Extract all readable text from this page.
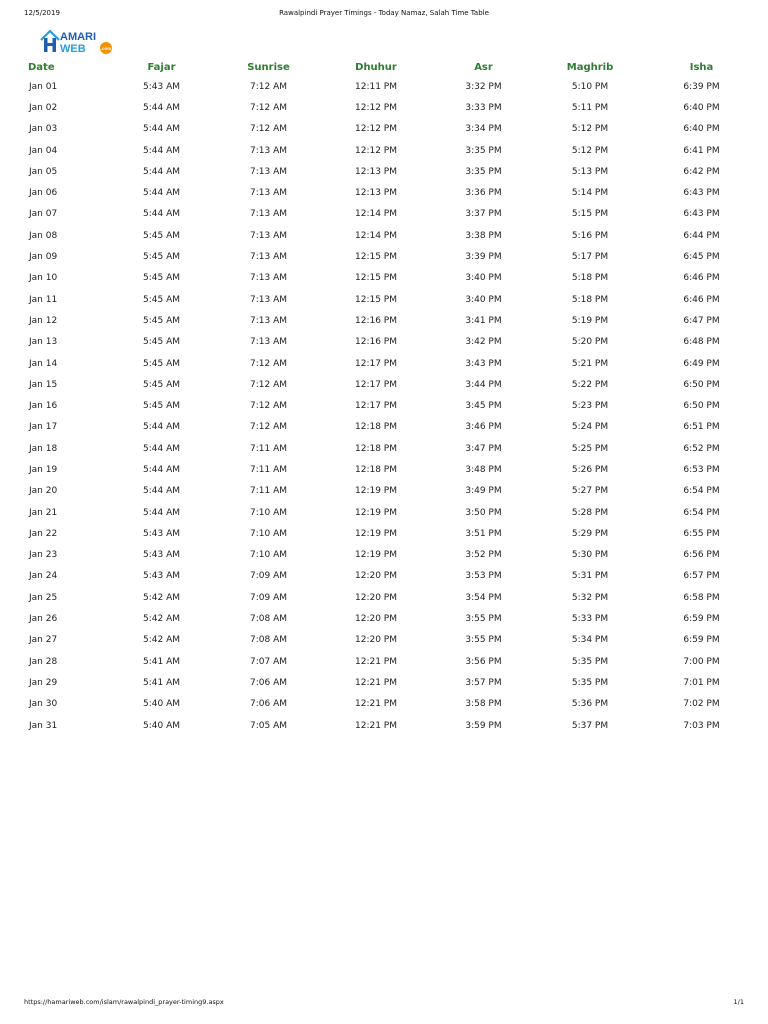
12/5/2019	Rawalpindi Prayer Timings - Today Namaz, Salah Time Table
AMARI
WEB	.com
Date	Fajar	Sunrise	Dhuhur	Asr	Maghrib	Isha
Jan 01	5:43 AM	7:12 AM	12:11 PM	3:32 PM	5:10 PM	6:39 PM
Jan 02	5:44 AM	7:12 AM	12:12 PM	3:33 PM	5:11 PM	6:40 PM
Jan 03	5:44 AM	7:12 AM	12:12 PM	3:34 PM	5:12 PM	6:40 PM
Jan 04	5:44 AM	7:13 AM	12:12 PM	3:35 PM	5:12 PM	6:41 PM
Jan 05	5:44 AM	7:13 AM	12:13 PM	3:35 PM	5:13 PM	6:42 PM
Jan 06	5:44 AM	7:13 AM	12:13 PM	3:36 PM	5:14 PM	6:43 PM
Jan 07	5:44 AM	7:13 AM	12:14 PM	3:37 PM	5:15 PM	6:43 PM
Jan 08	5:45 AM	7:13 AM	12:14 PM	3:38 PM	5:16 PM	6:44 PM
Jan 09	5:45 AM	7:13 AM	12:15 PM	3:39 PM	5:17 PM	6:45 PM
Jan 10	5:45 AM	7:13 AM	12:15 PM	3:40 PM	5:18 PM	6:46 PM
Jan 11	5:45 AM	7:13 AM	12:15 PM	3:40 PM	5:18 PM	6:46 PM
Jan 12	5:45 AM	7:13 AM	12:16 PM	3:41 PM	5:19 PM	6:47 PM
Jan 13	5:45 AM	7:13 AM	12:16 PM	3:42 PM	5:20 PM	6:48 PM
Jan 14	5:45 AM	7:12 AM	12:17 PM	3:43 PM	5:21 PM	6:49 PM
Jan 15	5:45 AM	7:12 AM	12:17 PM	3:44 PM	5:22 PM	6:50 PM
Jan 16	5:45 AM	7:12 AM	12:17 PM	3:45 PM	5:23 PM	6:50 PM
Jan 17	5:44 AM	7:12 AM	12:18 PM	3:46 PM	5:24 PM	6:51 PM
Jan 18	5:44 AM	7:11 AM	12:18 PM	3:47 PM	5:25 PM	6:52 PM
Jan 19	5:44 AM	7:11 AM	12:18 PM	3:48 PM	5:26 PM	6:53 PM
Jan 20	5:44 AM	7:11 AM	12:19 PM	3:49 PM	5:27 PM	6:54 PM
Jan 21	5:44 AM	7:10 AM	12:19 PM	3:50 PM	5:28 PM	6:54 PM
Jan 22	5:43 AM	7:10 AM	12:19 PM	3:51 PM	5:29 PM	6:55 PM
Jan 23	5:43 AM	7:10 AM	12:19 PM	3:52 PM	5:30 PM	6:56 PM
Jan 24	5:43 AM	7:09 AM	12:20 PM	3:53 PM	5:31 PM	6:57 PM
Jan 25	5:42 AM	7:09 AM	12:20 PM	3:54 PM	5:32 PM	6:58 PM
Jan 26	5:42 AM	7:08 AM	12:20 PM	3:55 PM	5:33 PM	6:59 PM
Jan 27	5:42 AM	7:08 AM	12:20 PM	3:55 PM	5:34 PM	6:59 PM
Jan 28	5:41 AM	7:07 AM	12:21 PM	3:56 PM	5:35 PM	7:00 PM
Jan 29	5:41 AM	7:06 AM	12:21 PM	3:57 PM	5:35 PM	7:01 PM
Jan 30	5:40 AM	7:06 AM	12:21 PM	3:58 PM	5:36 PM	7:02 PM
Jan 31	5:40 AM	7:05 AM	12:21 PM	3:59 PM	5:37 PM	7:03 PM
https://hamariweb.com/islam/rawalpindi_prayer-timing9.aspx	1/1
